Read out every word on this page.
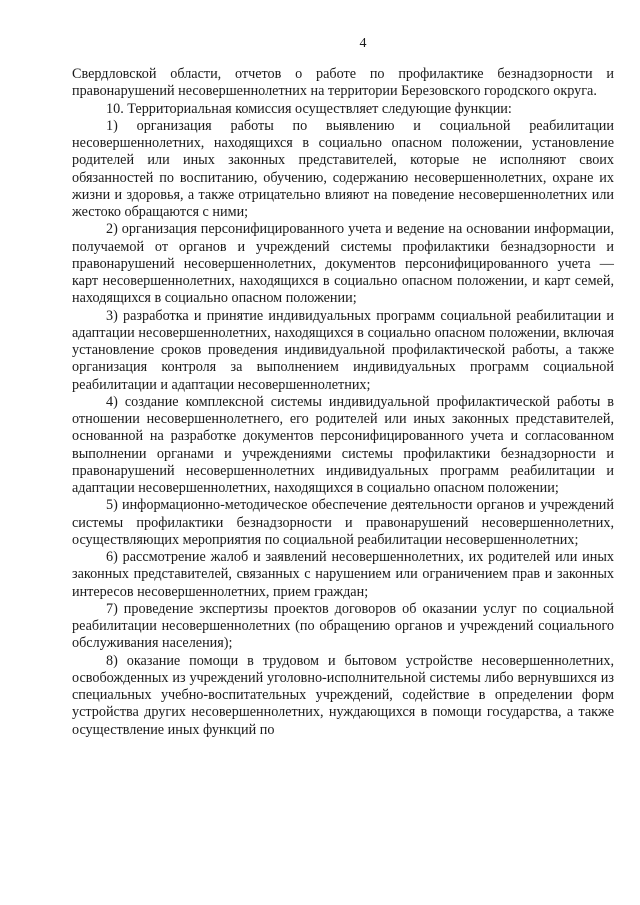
4

Свердловской области, отчетов о работе по профилактике безнадзорности и правонарушений несовершеннолетних на территории Березовского городского округа.

10. Территориальная комиссия осуществляет следующие функции:

1) организация работы по выявлению и социальной реабилитации несовершеннолетних, находящихся в социально опасном положении, установление родителей или иных законных представителей, которые не исполняют своих обязанностей по воспитанию, обучению, содержанию несовершеннолетних, охране их жизни и здоровья, а также отрицательно влияют на поведение несовершеннолетних или жестоко обращаются с ними;

2) организация персонифицированного учета и ведение на основании информации, получаемой от органов и учреждений системы профилактики безнадзорности и правонарушений несовершеннолетних, документов персонифицированного учета — карт несовершеннолетних, находящихся в социально опасном положении, и карт семей, находящихся в социально опасном положении;

3) разработка и принятие индивидуальных программ социальной реабилитации и адаптации несовершеннолетних, находящихся в социально опасном положении, включая установление сроков проведения индивидуальной профилактической работы, а также организация контроля за выполнением индивидуальных программ социальной реабилитации и адаптации несовершеннолетних;

4) создание комплексной системы индивидуальной профилактической работы в отношении несовершеннолетнего, его родителей или иных законных представителей, основанной на разработке документов персонифицированного учета и согласованном выполнении органами и учреждениями системы профилактики безнадзорности и правонарушений несовершеннолетних индивидуальных программ реабилитации и адаптации несовершеннолетних, находящихся в социально опасном положении;

5) информационно-методическое обеспечение деятельности органов и учреждений системы профилактики безнадзорности и правонарушений несовершеннолетних, осуществляющих мероприятия по социальной реабилитации несовершеннолетних;

6) рассмотрение жалоб и заявлений несовершеннолетних, их родителей или иных законных представителей, связанных с нарушением или ограничением прав и законных интересов несовершеннолетних, прием граждан;

7) проведение экспертизы проектов договоров об оказании услуг по социальной реабилитации несовершеннолетних (по обращению органов и учреждений социального обслуживания населения);

8) оказание помощи в трудовом и бытовом устройстве несовершеннолетних, освобожденных из учреждений уголовно-исполнительной системы либо вернувшихся из специальных учебно-воспитательных учреждений, содействие в определении форм устройства других несовершеннолетних, нуждающихся в помощи государства, а также осуществление иных функций по
